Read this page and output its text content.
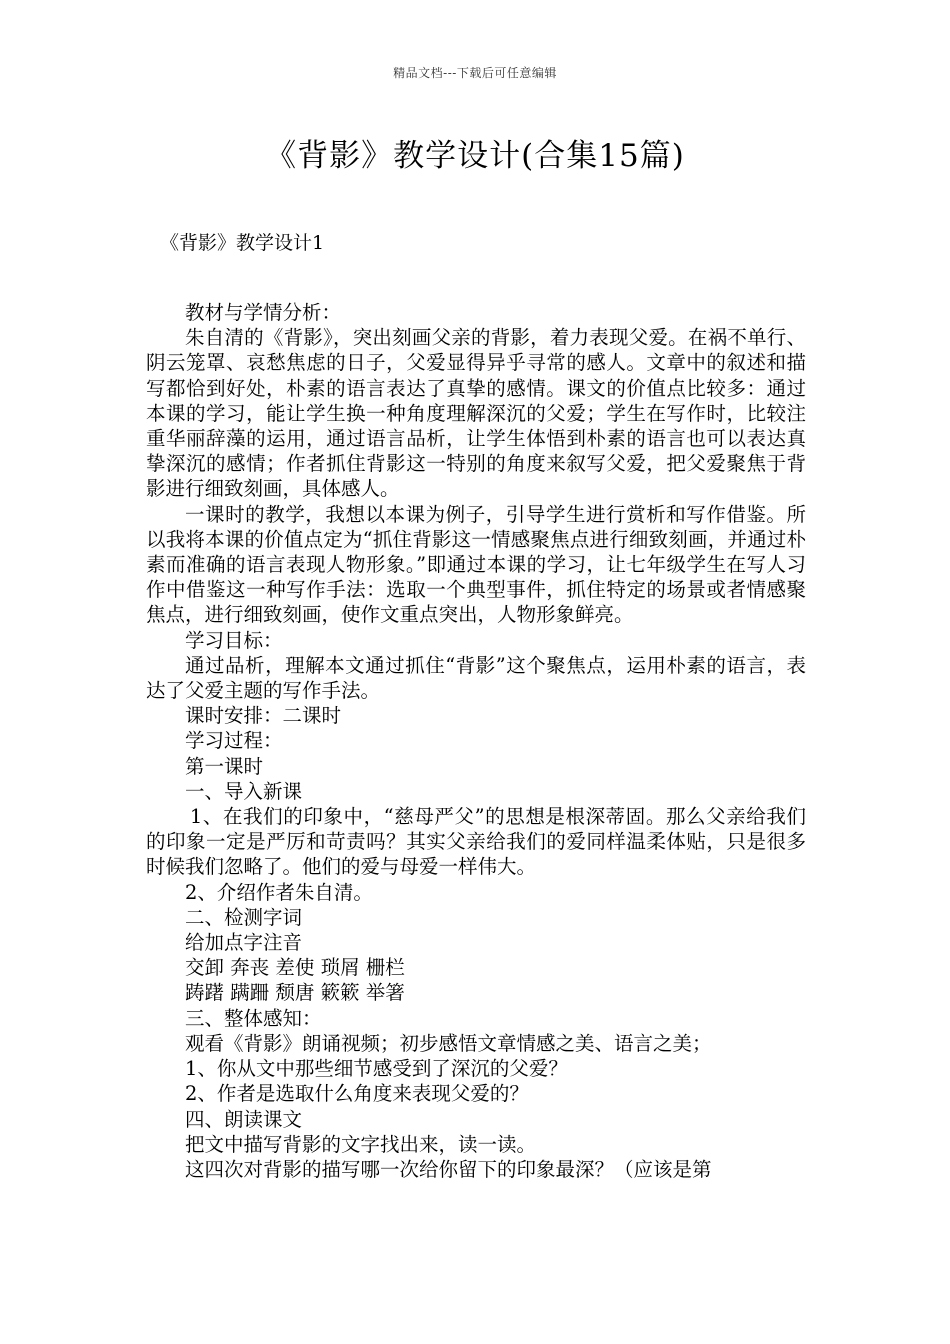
精品文档---下载后可任意编辑
《背影》教学设计(合集15篇)
《背影》教学设计1

教材与学情分析：

朱自清的《背影》，突出刻画父亲的背影，着力表现父爱。在祸不单行、阴云笼罩、哀愁焦虑的日子，父爱显得异乎寻常的感人。文章中的叙述和描写都恰到好处，朴素的语言表达了真挚的感情。课文的价值点比较多：通过本课的学习，能让学生换一种角度理解深沉的父爱；学生在写作时，比较注重华丽辞藻的运用，通过语言品析，让学生体悟到朴素的语言也可以表达真挚深沉的感情；作者抓住背影这一特别的角度来叙写父爱，把父爱聚焦于背影进行细致刻画，具体感人。

一课时的教学，我想以本课为例子，引导学生进行赏析和写作借鉴。所以我将本课的价值点定为“抓住背影这一情感聚焦点进行细致刻画，并通过朴素而准确的语言表现人物形象。”即通过本课的学习，让七年级学生在写人习作中借鉴这一种写作手法：选取一个典型事件，抓住特定的场景或者情感聚焦点，进行细致刻画，使作文重点突出，人物形象鲜亮。

学习目标：

通过品析，理解本文通过抓住“背影”这个聚焦点，运用朴素的语言，表达了父爱主题的写作手法。

课时安排：二课时

学习过程：

第一课时

一、导入新课

1、在我们的印象中，“慈母严父”的思想是根深蒂固。那么父亲给我们的印象一定是严厉和苛责吗？其实父亲给我们的爱同样温柔体贴，只是很多时候我们忽略了。他们的爱与母爱一样伟大。

2、介绍作者朱自清。

二、检测字词

给加点字注音

交卸 奔丧 差使 琐屑 栅栏

踌躇 蹒跚 颓唐 簌簌 举箸

三、整体感知：

观看《背影》朗诵视频；初步感悟文章情感之美、语言之美；

1、你从文中那些细节感受到了深沉的父爱？

2、作者是选取什么角度来表现父爱的？

四、朗读课文

把文中描写背影的文字找出来，读一读。

这四次对背影的描写哪一次给你留下的印象最深？（应该是第
